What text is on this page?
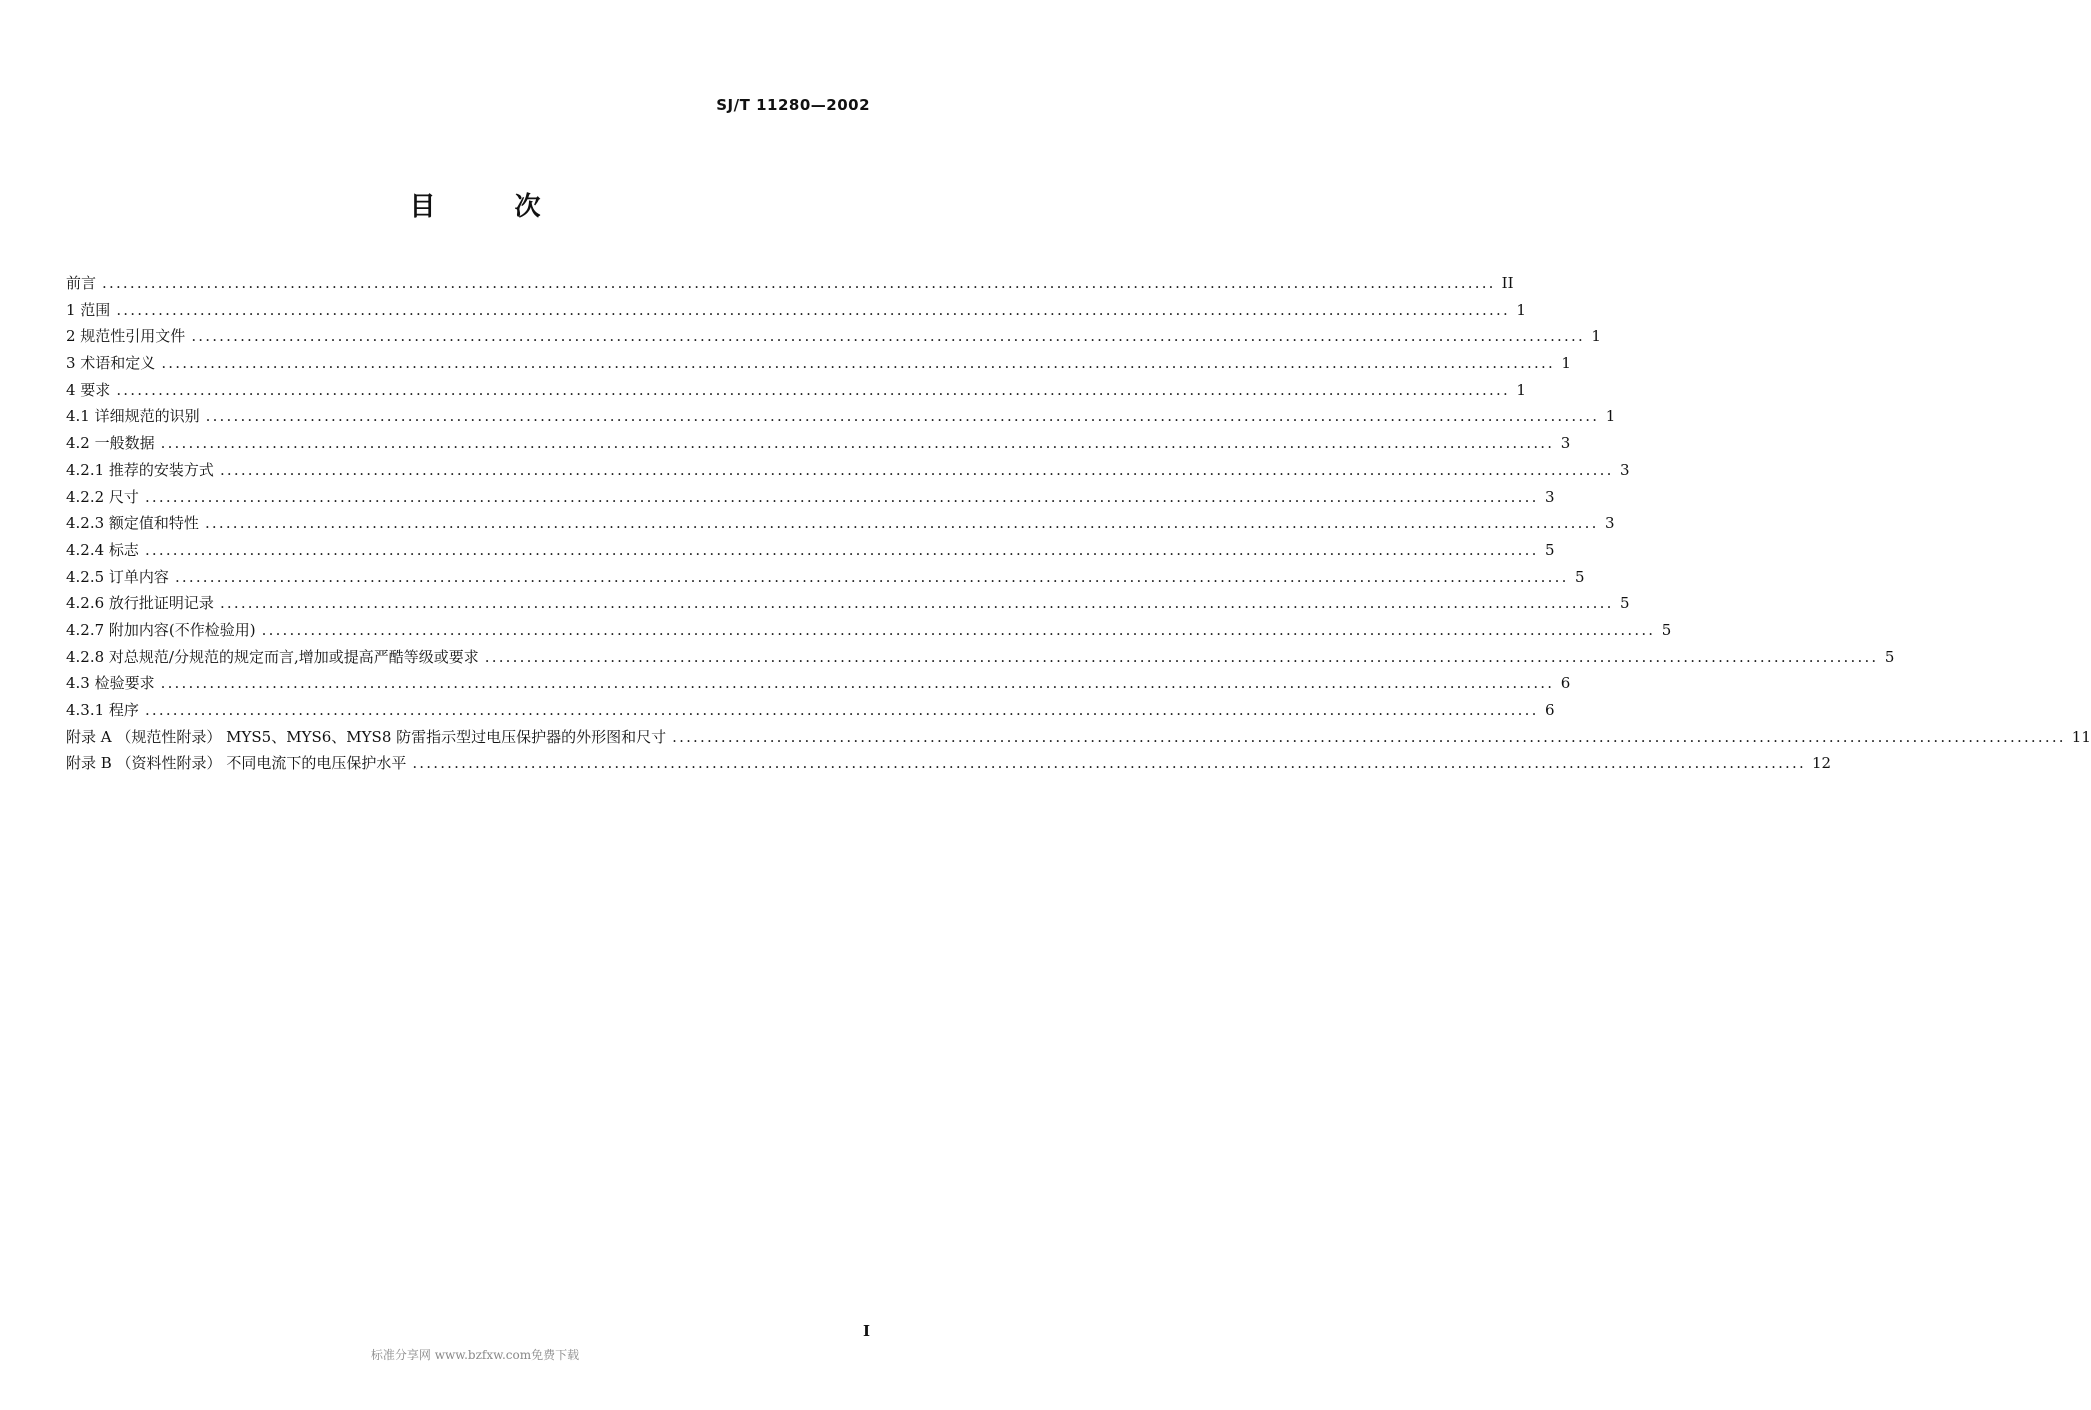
SJ/T 11280—2002
目 次
前言 ........................................................................................................................................................................................................ II
1 范围 ........................................................................................................................................................................................................ 1
2 规范性引用文件 ........................................................................................................................................................................................................ 1
3 术语和定义 ........................................................................................................................................................................................................ 1
4 要求 ........................................................................................................................................................................................................ 1
4.1 详细规范的识别 ........................................................................................................................................................................................................ 1
4.2 一般数据 ........................................................................................................................................................................................................ 3
4.2.1 推荐的安装方式 ........................................................................................................................................................................................................ 3
4.2.2 尺寸 ........................................................................................................................................................................................................ 3
4.2.3 额定值和特性 ........................................................................................................................................................................................................ 3
4.2.4 标志 ........................................................................................................................................................................................................ 5
4.2.5 订单内容 ........................................................................................................................................................................................................ 5
4.2.6 放行批证明记录 ........................................................................................................................................................................................................ 5
4.2.7 附加内容(不作检验用) ........................................................................................................................................................................................................ 5
4.2.8 对总规范/分规范的规定而言,增加或提高严酷等级或要求 ........................................................................................................................................................................................................ 5
4.3 检验要求 ........................................................................................................................................................................................................ 6
4.3.1 程序 ........................................................................................................................................................................................................ 6
附录 A （规范性附录） MYS5、MYS6、MYS8 防雷指示型过电压保护器的外形图和尺寸 ........................................................................................................................................................................................................ 11
附录 B （资料性附录） 不同电流下的电压保护水平 ........................................................................................................................................................................................................ 12
I
标准分享网 www.bzfxw.com免费下载
